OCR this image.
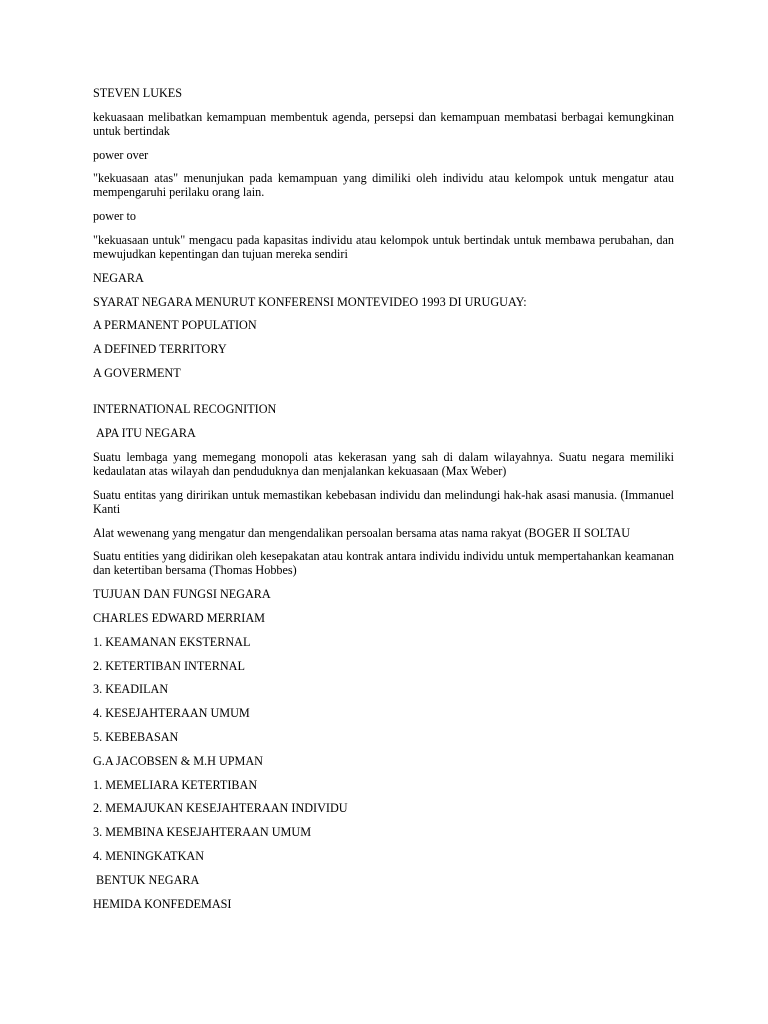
STEVEN LUKES

kekuasaan melibatkan kemampuan membentuk agenda, persepsi dan kemampuan membatasi berbagai kemungkinan untuk bertindak

power over

"kekuasaan atas" menunjukan pada kemampuan yang dimiliki oleh individu atau kelompok untuk mengatur atau mempengaruhi perilaku orang lain.

power to

"kekuasaan untuk" mengacu pada kapasitas individu atau kelompok untuk bertindak untuk membawa perubahan, dan mewujudkan kepentingan dan tujuan mereka sendiri

NEGARA

SYARAT NEGARA MENURUT KONFERENSI MONTEVIDEO 1993 DI URUGUAY:

A PERMANENT POPULATION

A DEFINED TERRITORY

A GOVERMENT

INTERNATIONAL RECOGNITION

APA ITU NEGARA

Suatu lembaga yang memegang monopoli atas kekerasan yang sah di dalam wilayahnya. Suatu negara memiliki kedaulatan atas wilayah dan penduduknya dan menjalankan kekuasaan (Max Weber)

Suatu entitas yang diririkan untuk memastikan kebebasan individu dan melindungi hak-hak asasi manusia. (Immanuel Kanti

Alat wewenang yang mengatur dan mengendalikan persoalan bersama atas nama rakyat (BOGER II SOLTAU

Suatu entities yang didirikan oleh kesepakatan atau kontrak antara individu individu untuk mempertahankan keamanan dan ketertiban bersama (Thomas Hobbes)

TUJUAN DAN FUNGSI NEGARA

CHARLES EDWARD MERRIAM

1. KEAMANAN EKSTERNAL

2. KETERTIBAN INTERNAL

3. KEADILAN

4. KESEJAHTERAAN UMUM

5. KEBEBASAN

G.A JACOBSEN & M.H UPMAN

1. MEMELIARA KETERTIBAN

2. MEMAJUKAN KESEJAHTERAAN INDIVIDU

3. MEMBINA KESEJAHTERAAN UMUM

4. MENINGKATKAN

BENTUK NEGARA

HEMIDA KONFEDEMASI
